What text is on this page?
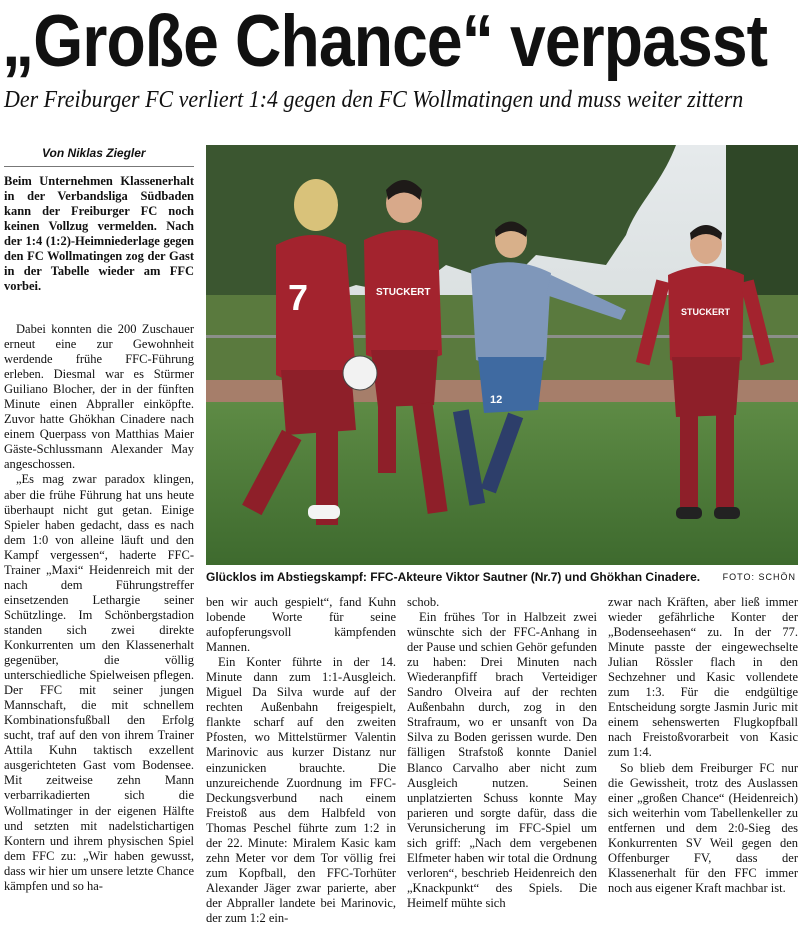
„Große Chance“ verpasst
Der Freiburger FC verliert 1:4 gegen den FC Wollmatingen und muss weiter zittern
Von Niklas Ziegler
Beim Unternehmen Klassenerhalt in der Verbandsliga Südbaden kann der Freiburger FC noch keinen Vollzug vermelden. Nach der 1:4 (1:2)-Heimniederlage gegen den FC Wollmatingen zog der Gast in der Tabelle wieder am FFC vorbei.

Dabei konnten die 200 Zuschauer erneut eine zur Gewohnheit werdende frühe FFC-Führung erleben. Diesmal war es Stürmer Guiliano Blocher, der in der fünften Minute einen Abpraller einköpfte. Zuvor hatte Ghökhan Cinadere nach einem Querpass von Matthias Maier Gäste-Schlussmann Alexander May angeschossen.

„Es mag zwar paradox klingen, aber die frühe Führung hat uns heute überhaupt nicht gut getan. Einige Spieler haben gedacht, dass es nach dem 1:0 von alleine läuft und den Kampf vergessen“, haderte FFC-Trainer „Maxi“ Heidenreich mit der nach dem Führungstreffer einsetzenden Lethargie seiner Schützlinge. Im Schönbergstadion standen sich zwei direkte Konkurrenten um den Klassenerhalt gegenüber, die völlig unterschiedliche Spielweisen pflegen. Der FFC mit seiner jungen Mannschaft, die mit schnellem Kombinationsfußball den Erfolg sucht, traf auf den von ihrem Trainer Attila Kuhn taktisch exzellent ausgerichteten Gast vom Bodensee. Mit zeitweise zehn Mann verbarrikadierten sich die Wollmatinger in der eigenen Hälfte und setzten mit nadelstichartigen Kontern und ihrem physischen Spiel dem FFC zu: „Wir haben gewusst, dass wir hier um unsere letzte Chance kämpfen und so ha-

ben wir auch gespielt“, fand Kuhn lobende Worte für seine aufopferungsvoll kämpfenden Mannen.

Ein Konter führte in der 14. Minute dann zum 1:1-Ausgleich. Miguel Da Silva wurde auf der rechten Außenbahn freigespielt, flankte scharf auf den zweiten Pfosten, wo Mittelstürmer Valentin Marinovic aus kurzer Distanz nur einzunicken brauchte. Die unzureichende Zuordnung im FFC-Deckungsverbund nach einem Freistoß aus dem Halbfeld von Thomas Peschel führte zum 1:2 in der 22. Minute: Miralem Kasic kam zehn Meter vor dem Tor völlig frei zum Kopfball, den FFC-Torhüter Alexander Jäger zwar parierte, aber der Abpraller landete bei Marinovic, der zum 1:2 ein-

schob.

Ein frühes Tor in Halbzeit zwei wünschte sich der FFC-Anhang in der Pause und schien Gehör gefunden zu haben: Drei Minuten nach Wiederanpfiff brach Verteidiger Sandro Olveira auf der rechten Außenbahn durch, zog in den Strafraum, wo er unsanft von Da Silva zu Boden gerissen wurde. Den fälligen Strafstoß konnte Daniel Blanco Carvalho aber nicht zum Ausgleich nutzen. Seinen unplatzierten Schuss konnte May parieren und sorgte dafür, dass die Verunsicherung im FFC-Spiel um sich griff: „Nach dem vergebenen Elfmeter haben wir total die Ordnung verloren“, beschrieb Heidenreich den „Knackpunkt“ des Spiels. Die Heimelf mühte sich

zwar nach Kräften, aber ließ immer wieder gefährliche Konter der „Bodenseehasen“ zu. In der 77. Minute passte der eingewechselte Julian Rössler flach in den Sechzehner und Kasic vollendete zum 1:3. Für die endgültige Entscheidung sorgte Jasmin Juric mit einem sehenswerten Flugkopfball nach Freistoßvorarbeit von Kasic zum 1:4.

So blieb dem Freiburger FC nur die Gewissheit, trotz des Auslassen einer „großen Chance“ (Heidenreich) sich weiterhin vom Tabellenkeller zu entfernen und dem 2:0-Sieg des Konkurrenten SV Weil gegen den Offenburger FV, dass der Klassenerhalt für den FFC immer noch aus eigener Kraft machbar ist.

7	STUCKERT
12
STUCKERT
Glücklos im Abstiegskampf: FFC-Akteure Viktor Sautner (Nr.7) und Ghökhan Cinadere.	FOTO: SCHÖN
